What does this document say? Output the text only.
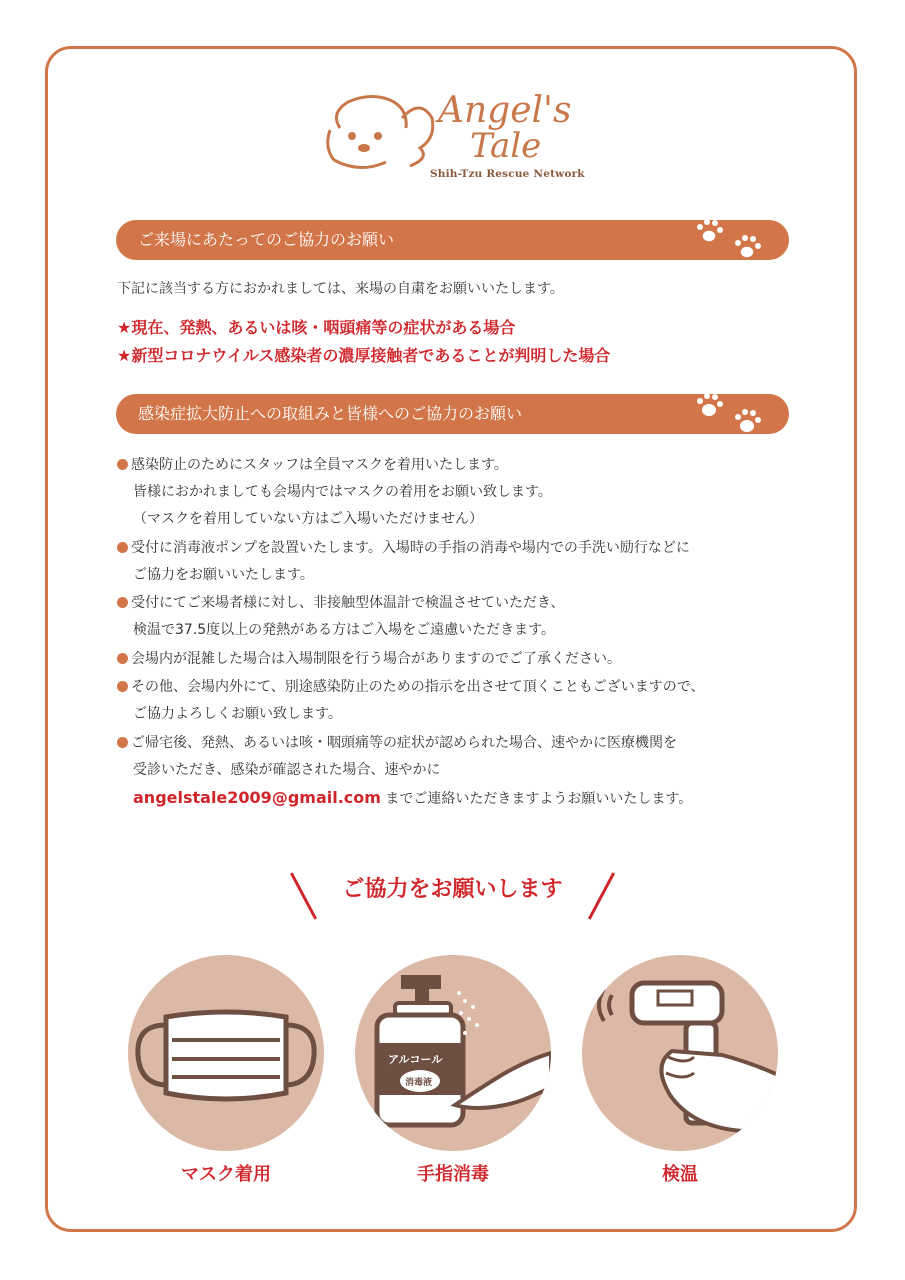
Angel's
Tale
Shih-Tzu Rescue Network
ご来場にあたってのご協力のお願い
下記に該当する方におかれましては、来場の自粛をお願いいたします。
★現在、発熱、あるいは咳・咽頭痛等の症状がある場合
★新型コロナウイルス感染者の濃厚接触者であることが判明した場合
感染症拡大防止への取組みと皆様へのご協力のお願い
感染防止のためにスタッフは全員マスクを着用いたします。
皆様におかれましても会場内ではマスクの着用をお願い致します。
（マスクを着用していない方はご入場いただけません）
受付に消毒液ポンプを設置いたします。入場時の手指の消毒や場内での手洗い励行などに
ご協力をお願いいたします。
受付にてご来場者様に対し、非接触型体温計で検温させていただき、
検温で37.5度以上の発熱がある方はご入場をご遠慮いただきます。
会場内が混雑した場合は入場制限を行う場合がありますのでご了承ください。
その他、会場内外にて、別途感染防止のための指示を出させて頂くこともございますので、
ご協力よろしくお願い致します。
ご帰宅後、発熱、あるいは咳・咽頭痛等の症状が認められた場合、速やかに医療機関を
受診いただき、感染が確認された場合、速やかに
angelstale2009@gmail.com までご連絡いただきますようお願いいたします。
ご協力をお願いします
マスク着用
アルコール
消毒液
手指消毒	検温
